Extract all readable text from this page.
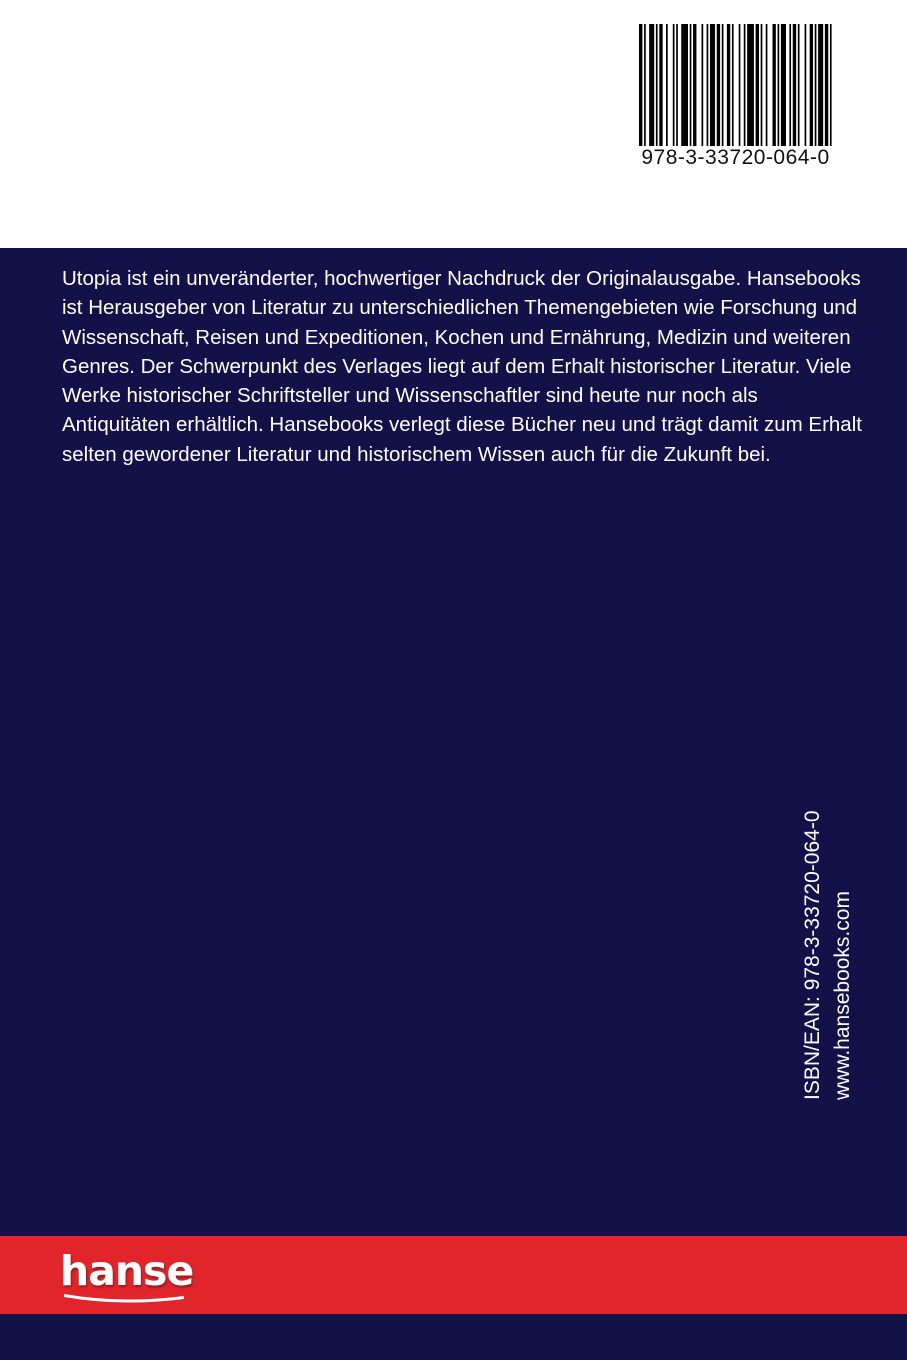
978-3-33720-064-0

Utopia ist ein unveränderter, hochwertiger Nachdruck der Originalausgabe. Hansebooks ist Herausgeber von Literatur zu unterschiedlichen Themengebieten wie Forschung und Wissenschaft, Reisen und Expeditionen, Kochen und Ernährung, Medizin und weiteren Genres. Der Schwerpunkt des Verlages liegt auf dem Erhalt historischer Literatur. Viele Werke historischer Schriftsteller und Wissenschaftler sind heute nur noch als Antiquitäten erhältlich. Hansebooks verlegt diese Bücher neu und trägt damit zum Erhalt selten gewordener Literatur und historischem Wissen auch für die Zukunft bei.

ISBN/EAN: 978-3-33720-064-0 www.hansebooks.com
hanse
